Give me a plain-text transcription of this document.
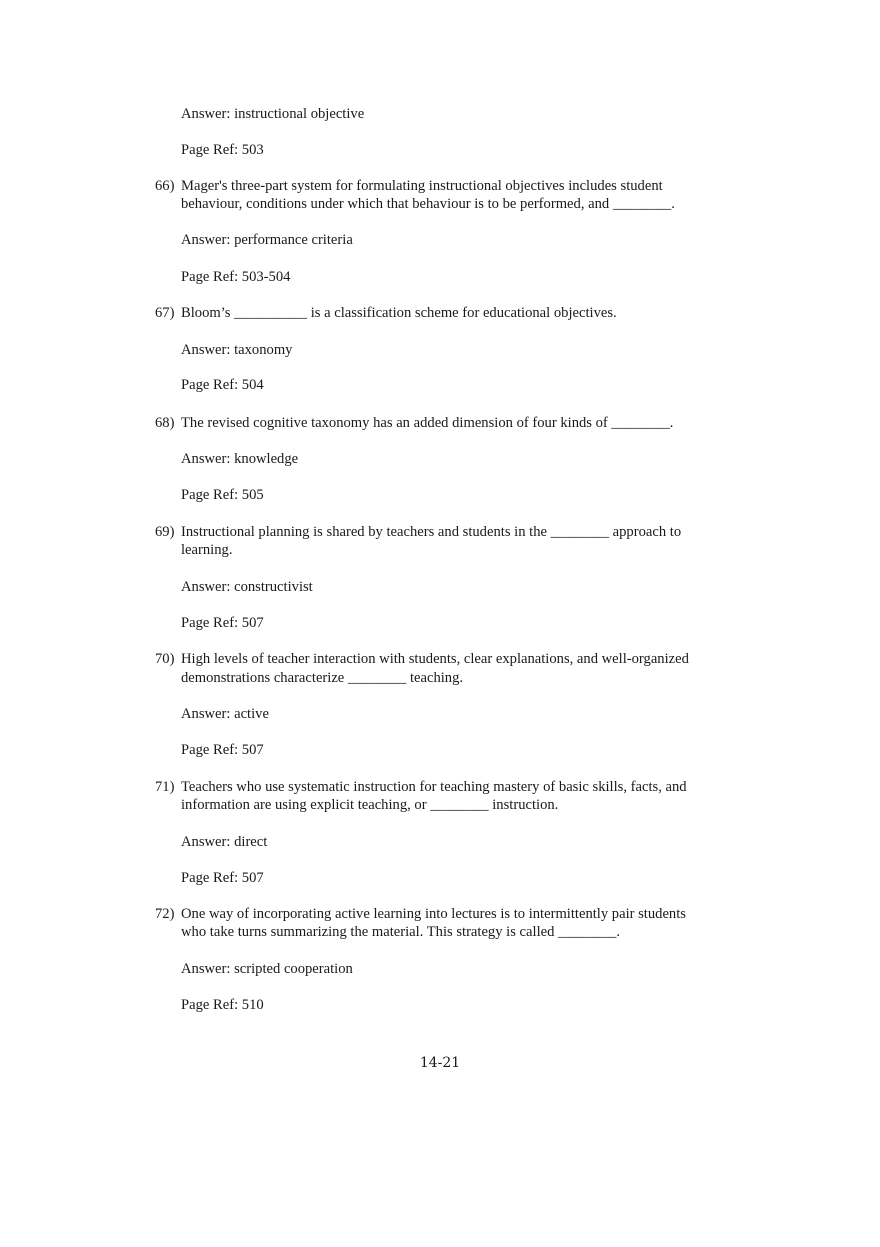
Answer: instructional objective
Page Ref: 503
66) Mager's three-part system for formulating instructional objectives includes student
behaviour, conditions under which that behaviour is to be performed, and ________.
Answer: performance criteria
Page Ref: 503-504
67) Bloom’s __________ is a classification scheme for educational objectives.
Answer: taxonomy
Page Ref: 504
68) The revised cognitive taxonomy has an added dimension of four kinds of ________.
Answer: knowledge
Page Ref: 505
69) Instructional planning is shared by teachers and students in the ________ approach to
learning.
Answer: constructivist
Page Ref: 507
70) High levels of teacher interaction with students, clear explanations, and well-organized
demonstrations characterize ________ teaching.
Answer: active
Page Ref: 507
71) Teachers who use systematic instruction for teaching mastery of basic skills, facts, and
information are using explicit teaching, or ________ instruction.
Answer: direct
Page Ref: 507
72) One way of incorporating active learning into lectures is to intermittently pair students
who take turns summarizing the material. This strategy is called ________.
Answer: scripted cooperation
Page Ref: 510
14-21
